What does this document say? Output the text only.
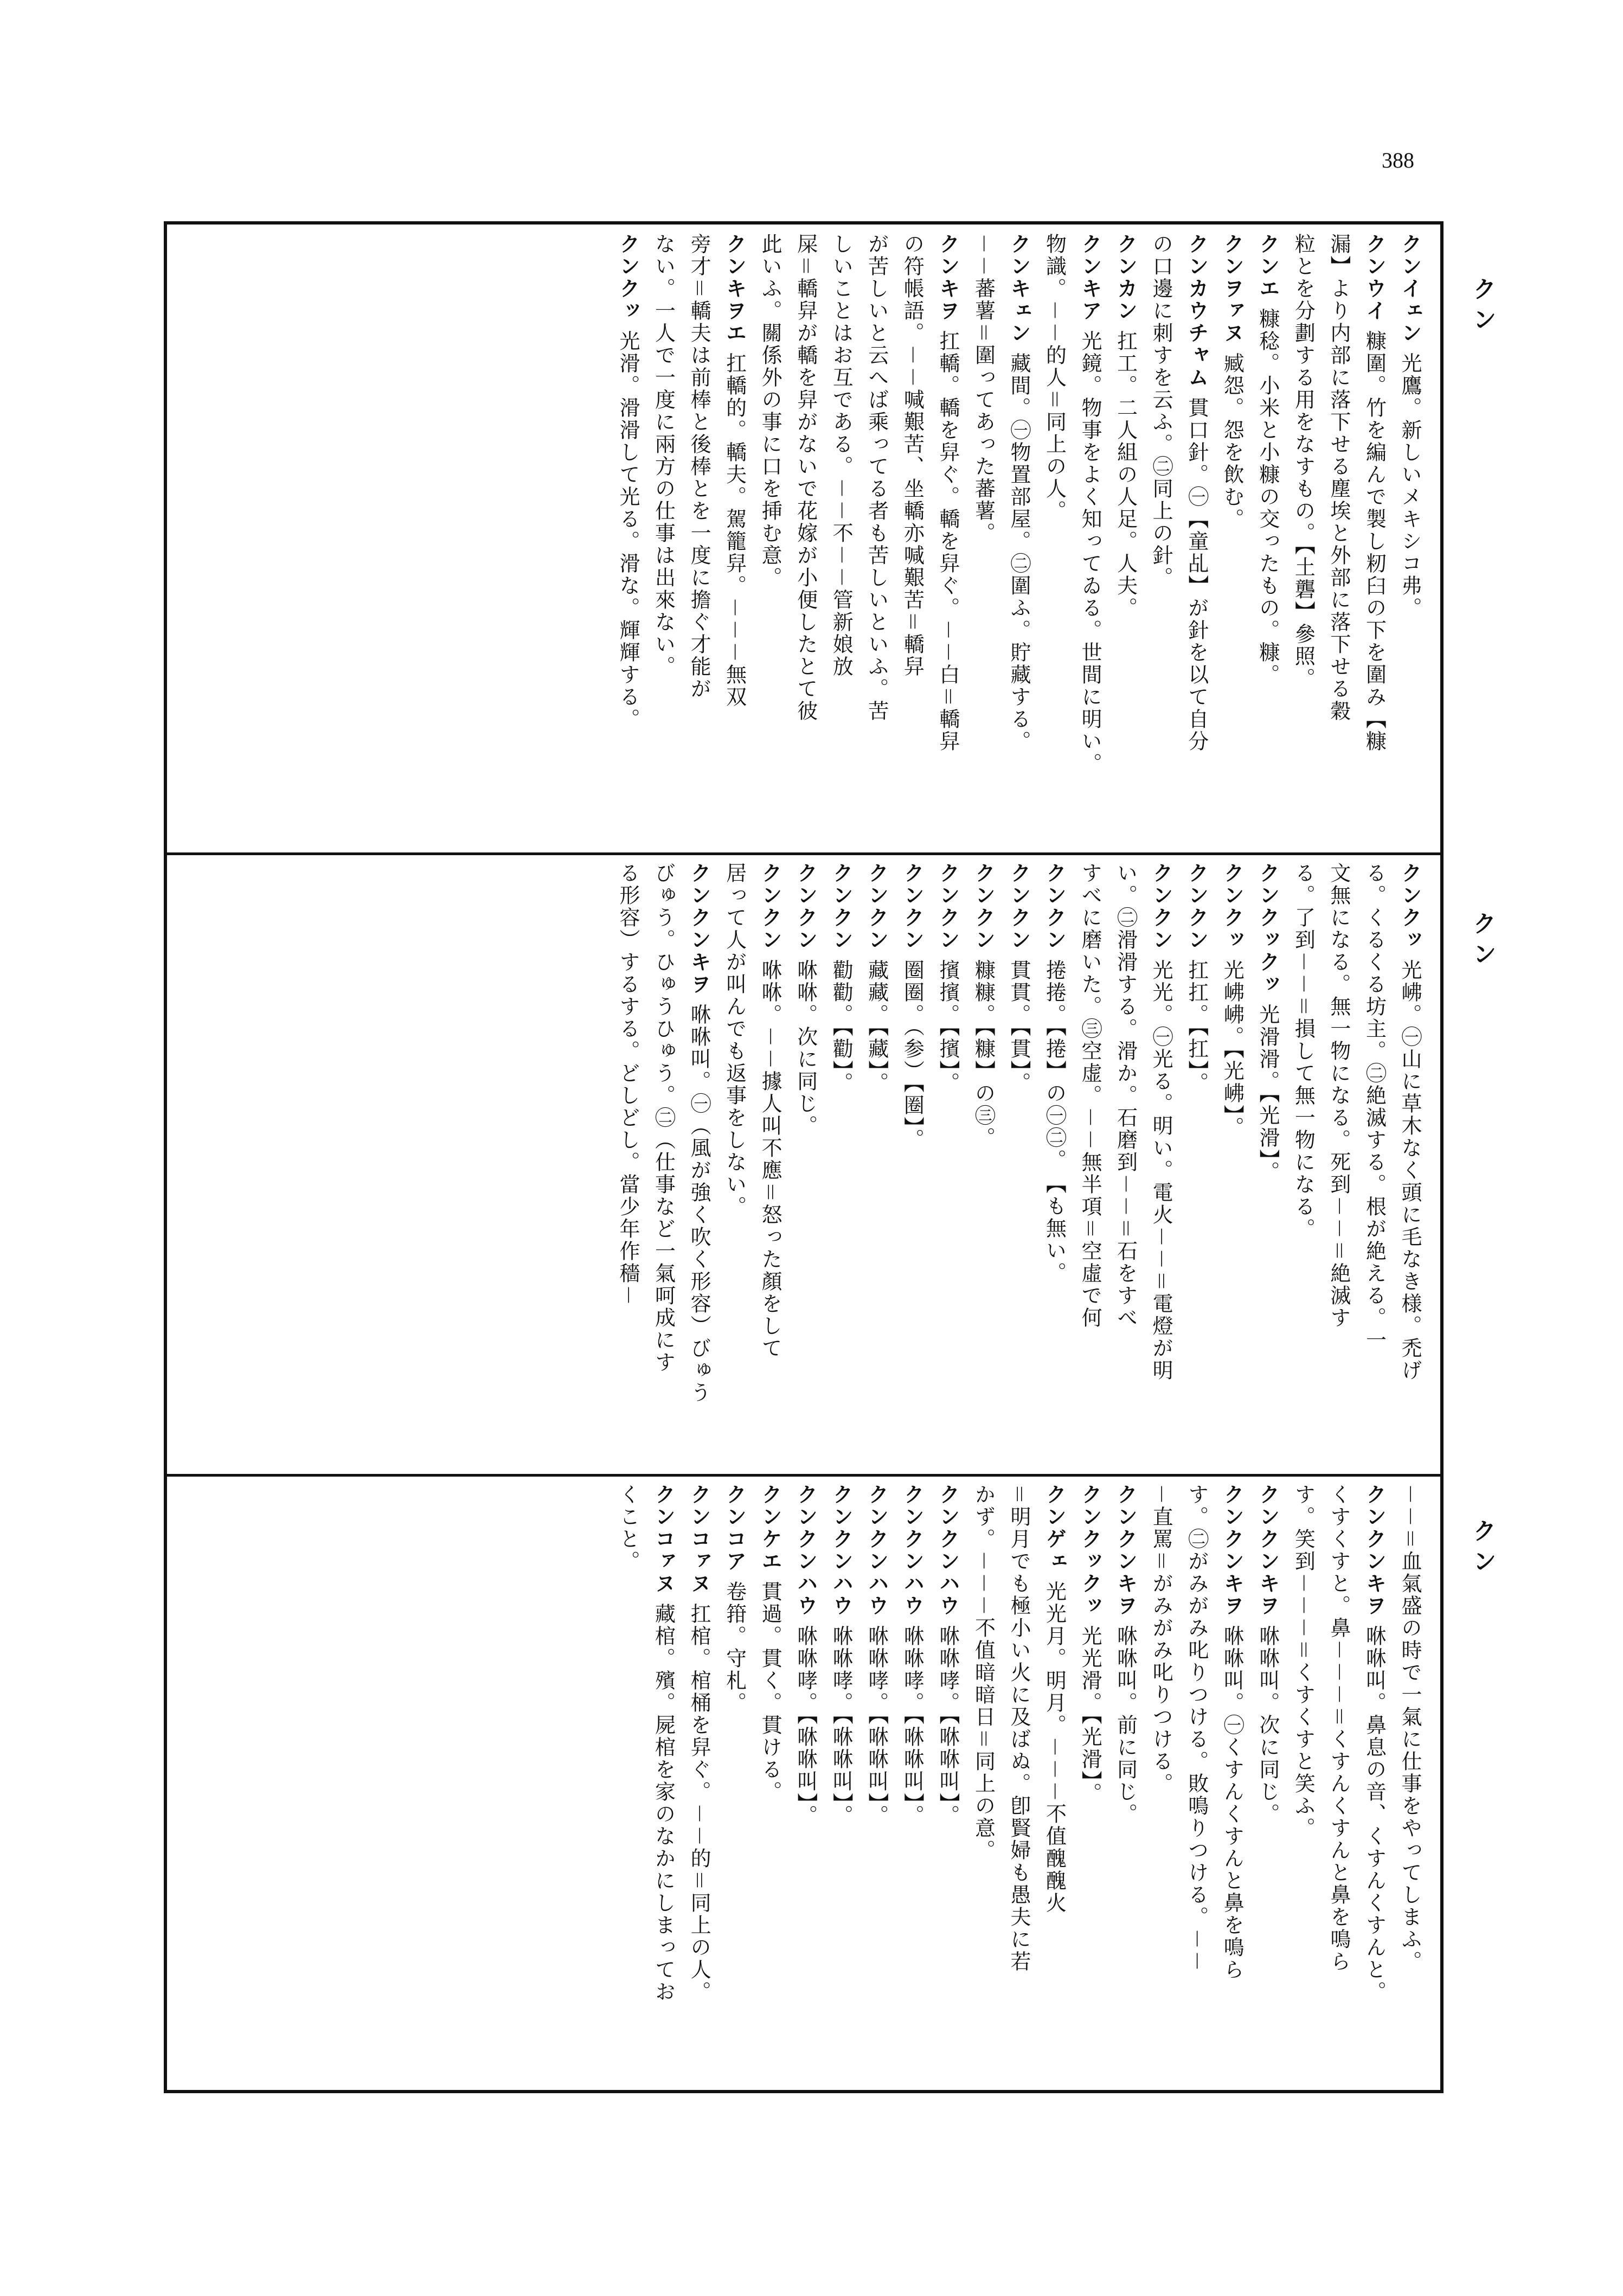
388
クン
クン
クン
クンイェン 光鷹。新しいメキシコ弗。
クンウイ 糠圍。竹を編んで製し籾臼の下を圍み【糠
漏】より内部に落下せる塵埃と外部に落下せる穀
粒とを分劃する用をなすもの。【土礱】參照。
クンエ 糠稔。小米と小糠の交ったもの。糠。
クンヲァヌ 臧怨。怨を飲む。
クンカウチャム 貫口針。㊀【童乩】が針を以て自分
の口邊に刺すを云ふ。㊁同上の針。
クンカン 扛工。二人組の人足。人夫。
クンキア 光鏡。物事をよく知ってゐる。世間に明い。
物識。－－的人＝同上の人。
クンキェン 藏間。㊀物置部屋。㊁圍ふ。貯藏する。
－－蕃薯＝圍ってあった蕃薯。
クンキヲ 扛轎。轎を舁ぐ。轎を舁ぐ。－－白＝轎舁
の符帳語。－－喊艱苦、坐轎亦喊艱苦＝轎舁
が苦しいと云へば乘ってる者も苦しいといふ。苦
しいことはお互である。－－不－－管新娘放
屎＝轎舁が轎を舁がないで花嫁が小便したとて彼
此いふ。關係外の事に口を挿む意。
クンキヲエ 扛轎的。轎夫。駕籠舁。－－－無双
旁才＝轎夫は前棒と後棒とを一度に擔ぐ才能が
ない。一人で一度に兩方の仕事は出來ない。
クンクッ 光滑。滑滑して光る。滑な。輝輝する。
クンクッ 光𡶒。㊀山に草木なく頭に毛なき様。禿げ
る。くるくる坊主。㊁絶滅する。根が絶える。一
文無になる。無一物になる。死到－－＝絶滅す
る。了到－－＝損して無一物になる。
クンクックッ 光滑滑。【光滑】。
クンクッ 光𡶒𡶒。【光𡶒】。
クンクン 扛扛。【扛】。
クンクン 光光。㊀光る。明い。電火－－＝電燈が明
い。㊁滑滑する。滑か。石磨到－－＝石をすべ
すべに磨いた。㊂空虚。－－無半項＝空虛で何
クンクン 捲捲。【捲】の㊀㊁。　【も無い。
クンクン 貫貫。【貫】。
クンクン 糠糠。【糠】の㊂。
クンクン 擯擯。【擯】。
クンクン 圈圈。（参）【圈】。
クンクン 藏藏。【藏】。
クンクン 勸勸。【勸】。
クンクン 咻咻。次に同じ。
クンクン 咻咻。－－據人叫不應＝怒った顏をして
居って人が叫んでも返事をしない。
クンクンキヲ 咻咻叫。㊀（風が強く吹く形容）びゅう
びゅう。ひゅうひゅう。㊁（仕事など一氣呵成にす
る形容）するする。どしどし。當少年作穡－
－－＝血氣盛の時で一氣に仕事をやってしまふ。
クンクンキヲ 咻咻叫。鼻息の音、くすんくすんと。
くすくすと。鼻－－－＝くすんくすんと鼻を鳴ら
す。笑到－－－＝くすくすと笑ふ。
クンクンキヲ 咻咻叫。次に同じ。
クンクンキヲ 咻咻叫。㊀くすんくすんと鼻を鳴ら
す。㊁がみがみ叱りつける。敗鳴りつける。－－
－直罵＝がみがみ叱りつける。
クンクンキヲ 咻咻叫。前に同じ。
クンクックッ 光光滑。【光滑】。
クンゲェ 光光月。明月。－－－不值醜醜火
＝明月でも極小い火に及ばぬ。卽賢婦も愚夫に若
かず。－－－不值暗暗日＝同上の意。
クンクンハウ 咻咻哮。【咻咻叫】。
クンクンハウ 咻咻哮。【咻咻叫】。
クンクンハウ 咻咻哮。【咻咻叫】。
クンクンハウ 咻咻哮。【咻咻叫】。
クンクンハウ 咻咻哮。【咻咻叫】。
クンケエ 貫過。貫く。貫ける。
クンコア 卷箝。守札。
クンコァヌ 扛棺。棺桶を舁ぐ。－－的＝同上の人。
クンコァヌ 藏棺。殯。屍棺を家のなかにしまってお
くこと。
